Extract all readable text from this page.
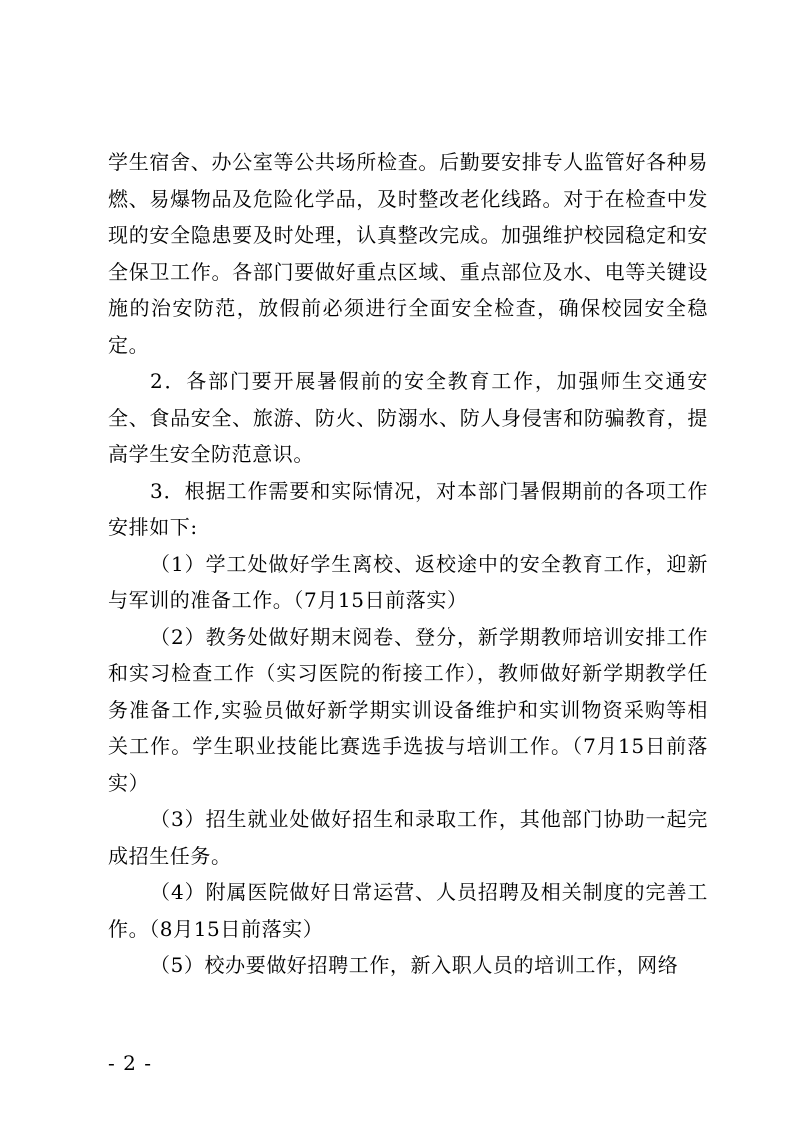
学生宿舍、办公室等公共场所检查。后勤要安排专人监管好各种易燃、易爆物品及危险化学品，及时整改老化线路。对于在检查中发现的安全隐患要及时处理，认真整改完成。加强维护校园稳定和安全保卫工作。各部门要做好重点区域、重点部位及水、电等关键设施的治安防范，放假前必须进行全面安全检查，确保校园安全稳定。

2．各部门要开展暑假前的安全教育工作，加强师生交通安全、食品安全、旅游、防火、防溺水、防人身侵害和防骗教育，提高学生安全防范意识。

3．根据工作需要和实际情况，对本部门暑假期前的各项工作安排如下:

（1）学工处做好学生离校、返校途中的安全教育工作，迎新与军训的准备工作。（7月15日前落实）

（2）教务处做好期末阅卷、登分，新学期教师培训安排工作和实习检查工作（实习医院的衔接工作），教师做好新学期教学任务准备工作,实验员做好新学期实训设备维护和实训物资采购等相关工作。学生职业技能比赛选手选拔与培训工作。（7月15日前落实）

（3）招生就业处做好招生和录取工作，其他部门协助一起完成招生任务。

（4）附属医院做好日常运营、人员招聘及相关制度的完善工作。（8月15日前落实）

（5）校办要做好招聘工作，新入职人员的培训工作，网络

- 2 -
